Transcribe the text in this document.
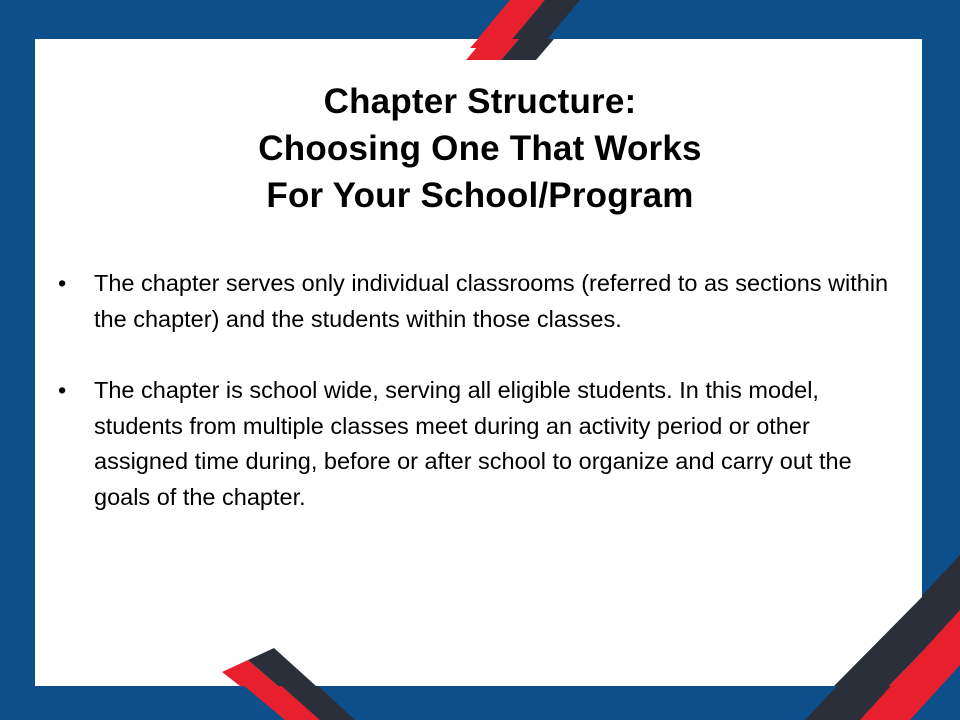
Chapter Structure:
Choosing One That Works
For Your School/Program
•	The chapter serves only individual classrooms (referred to as sections within the chapter) and the students within those classes.
•	The chapter is school wide, serving all eligible students. In this model, students from multiple classes meet during an activity period or other assigned time during, before or after school to organize and carry out the goals of the chapter.
